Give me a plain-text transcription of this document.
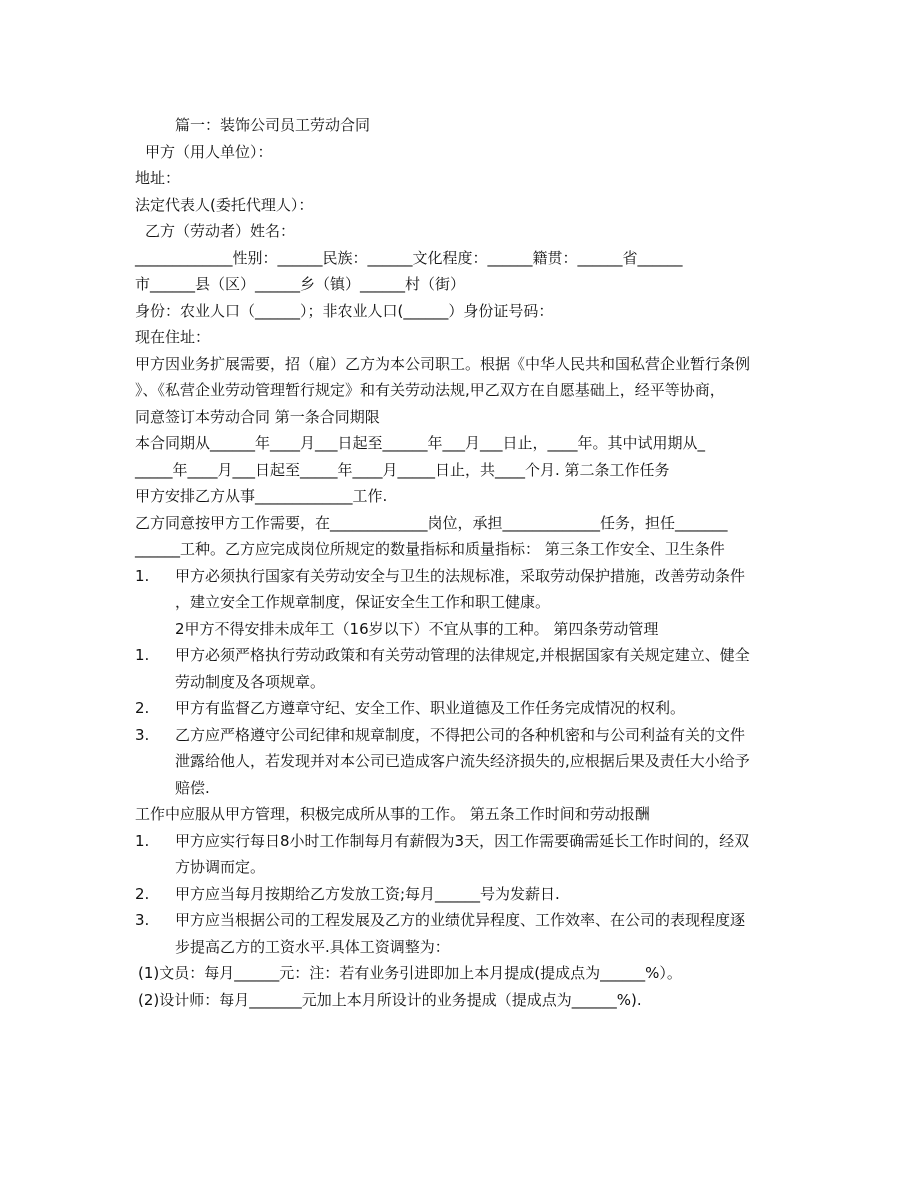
篇一：装饰公司员工劳动合同
甲方（用人单位）：
地址：
法定代表人(委托代理人）：
乙方（劳动者）姓名：
_____________性别：______民族：______文化程度：______籍贯：______省______
市______县（区）______乡（镇）______村（街）
身份：农业人口（______）；非农业人口(______）身份证号码：
现在住址：
甲方因业务扩展需要，招（雇）乙方为本公司职工。根据《中华人民共和国私营企业暂行条例
》、《私营企业劳动管理暂行规定》和有关劳动法规,甲乙双方在自愿基础上，经平等协商，
同意签订本劳动合同 第一条合同期限
本合同期从______年____月___日起至______年___月___日止，____年。其中试用期从_
_____年____月___日起至_____年____月_____日止，共____个月. 第二条工作任务
甲方安排乙方从事_____________工作.
乙方同意按甲方工作需要，在_____________岗位，承担_____________任务，担任_______
______工种。乙方应完成岗位所规定的数量指标和质量指标： 第三条工作安全、卫生条件
1.	甲方必须执行国家有关劳动安全与卫生的法规标准，采取劳动保护措施，改善劳动条件
，建立安全工作规章制度，保证安全生工作和职工健康。
2甲方不得安排未成年工（16岁以下）不宜从事的工种。 第四条劳动管理
1.	甲方必须严格执行劳动政策和有关劳动管理的法律规定,并根据国家有关规定建立、健全
劳动制度及各项规章。
2.	甲方有监督乙方遵章守纪、安全工作、职业道德及工作任务完成情况的权利。
3.	乙方应严格遵守公司纪律和规章制度，不得把公司的各种机密和与公司利益有关的文件
泄露给他人，若发现并对本公司已造成客户流失经济损失的,应根据后果及责任大小给予
赔偿.
工作中应服从甲方管理，积极完成所从事的工作。 第五条工作时间和劳动报酬
1.	甲方应实行每日8小时工作制每月有薪假为3天，因工作需要确需延长工作时间的，经双
方协调而定。
2.	甲方应当每月按期给乙方发放工资;每月______号为发薪日.
3.	甲方应当根据公司的工程发展及乙方的业绩优异程度、工作效率、在公司的表现程度逐
步提高乙方的工资水平.具体工资调整为：
(1)文员：每月______元：注：若有业务引进即加上本月提成(提成点为______%）。
(2)设计师：每月_______元加上本月所设计的业务提成（提成点为______%).
